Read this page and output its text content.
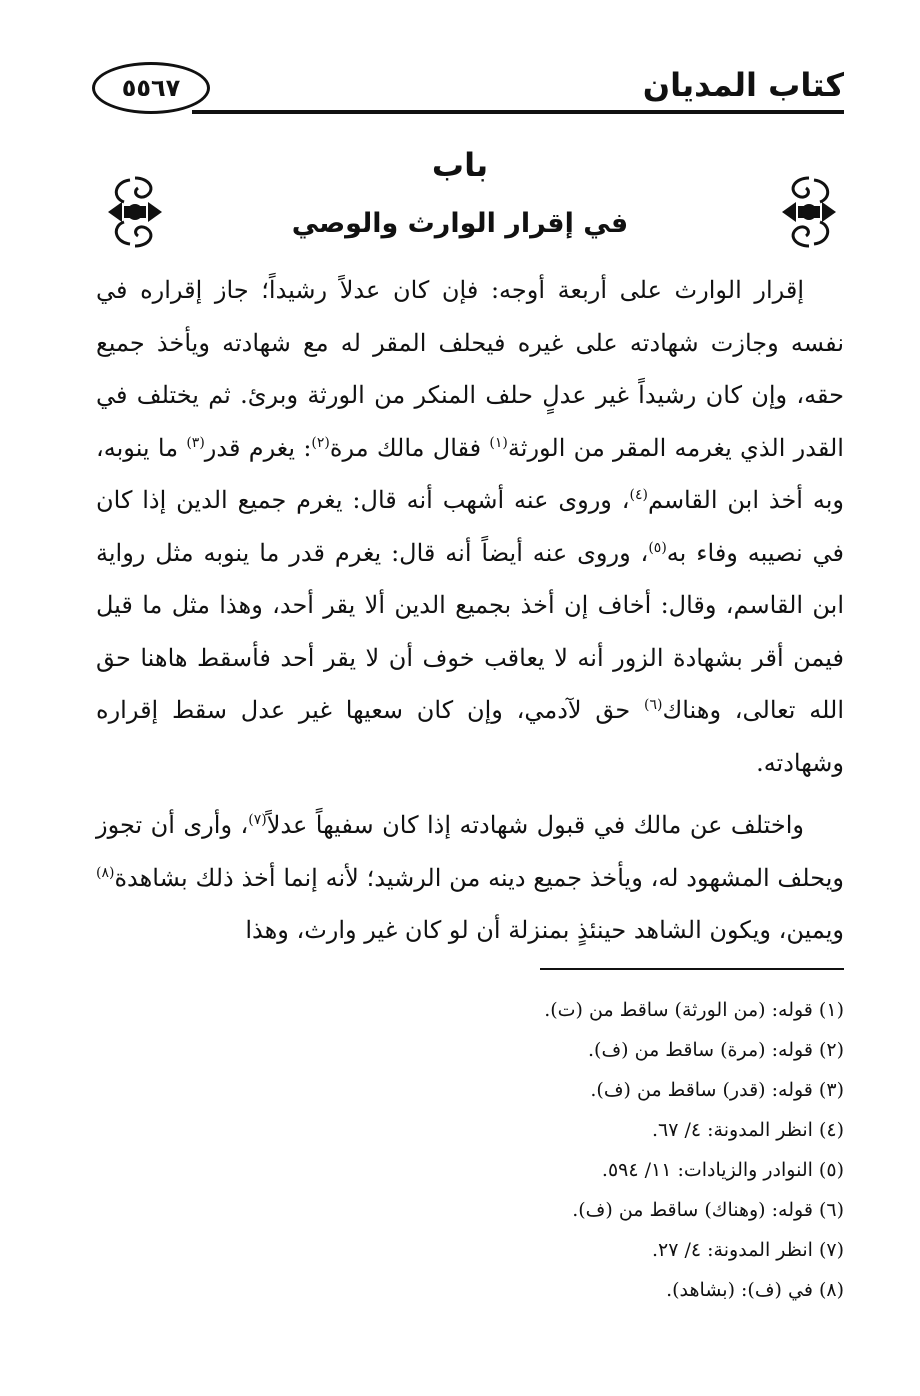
كتاب المديان
٥٥٦٧
باب
في إقرار الوارث والوصي

إقرار الوارث على أربعة أوجه: فإن كان عدلاً رشيداً؛ جاز إقراره في نفسه وجازت شهادته على غيره فيحلف المقر له مع شهادته ويأخذ جميع حقه، وإن كان رشيداً غير عدلٍ حلف المنكر من الورثة وبرئ. ثم يختلف في القدر الذي يغرمه المقر من الورثة$^{(١)}$ فقال مالك مرة$^{(٢)}$: يغرم قدر$^{(٣)}$ ما ينوبه، وبه أخذ ابن القاسم$^{(٤)}$، وروى عنه أشهب أنه قال: يغرم جميع الدين إذا كان في نصيبه وفاء به$^{(٥)}$، وروى عنه أيضاً أنه قال: يغرم قدر ما ينوبه مثل رواية ابن القاسم، وقال: أخاف إن أخذ بجميع الدين ألا يقر أحد، وهذا مثل ما قيل فيمن أقر بشهادة الزور أنه لا يعاقب خوف أن لا يقر أحد فأسقط هاهنا حق الله تعالى، وهناك$^{(٦)}$ حق لآدمي، وإن كان سعيها غير عدل سقط إقراره وشهادته.

واختلف عن مالك في قبول شهادته إذا كان سفيهاً عدلاً$^{(٧)}$، وأرى أن تجوز ويحلف المشهود له، ويأخذ جميع دينه من الرشيد؛ لأنه إنما أخذ ذلك بشاهدة$^{(٨)}$ ويمين، ويكون الشاهد حينئذٍ بمنزلة أن لو كان غير وارث، وهذا

(١) قوله: (من الورثة) ساقط من (ت).
(٢) قوله: (مرة) ساقط من (ف).
(٣) قوله: (قدر) ساقط من (ف).
(٤) انظر المدونة: ٤/ ٦٧.
(٥) النوادر والزيادات: ١١/ ٥٩٤.
(٦) قوله: (وهناك) ساقط من (ف).
(٧) انظر المدونة: ٤/ ٢٧.
(٨) في (ف): (بشاهد).
